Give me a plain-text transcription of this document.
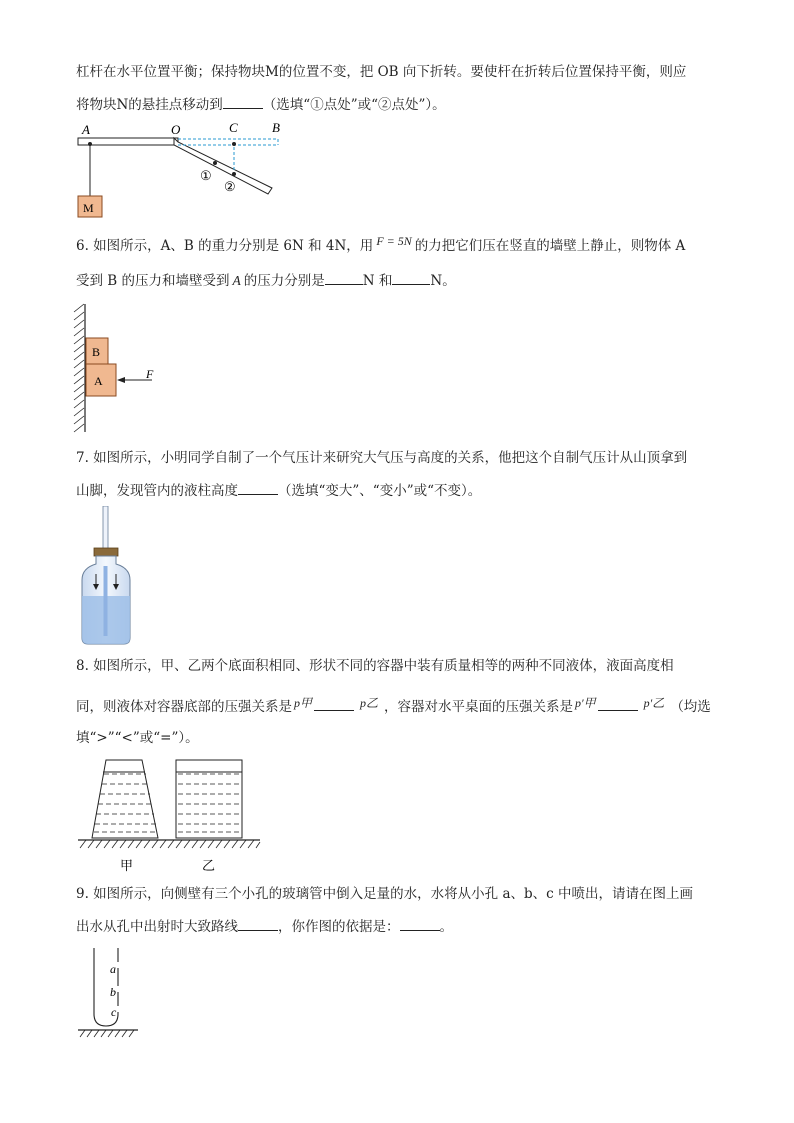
杠杆在水平位置平衡；保持物块M的位置不变，把 OB 向下折转。要使杆在折转后位置保持平衡，则应
将物块N的悬挂点移动到	（选填“①点处”或“②点处”）。
A	O	C	B
M
①
②
6. 如图所示，A、B 的重力分别是 6N 和 4N，用 F = 5N 的力把它们压在竖直的墙壁上静止，则物体 A
受到 B 的压力和墙壁受到 A 的压力分别是	N 和	N。
B
A	F
7. 如图所示，小明同学自制了一个气压计来研究大气压与高度的关系，他把这个自制气压计从山顶拿到
山脚，发现管内的液柱高度	（选填“变大”、“变小”或“不变）。
8. 如图所示，甲、乙两个底面积相同、形状不同的容器中装有质量相等的两种不同液体，液面高度相
同，则液体对容器底部的压强关系是 p甲	p乙 ，容器对水平桌面的压强关系是 p′甲	p′乙 （均选
填“>”“<”或“=”）。
甲	乙
9. 如图所示，向侧壁有三个小孔的玻璃管中倒入足量的水，水将从小孔 a、b、c 中喷出，请请在图上画
出水从孔中出射时大致路线	，你作图的依据是：	。
a
b
c
